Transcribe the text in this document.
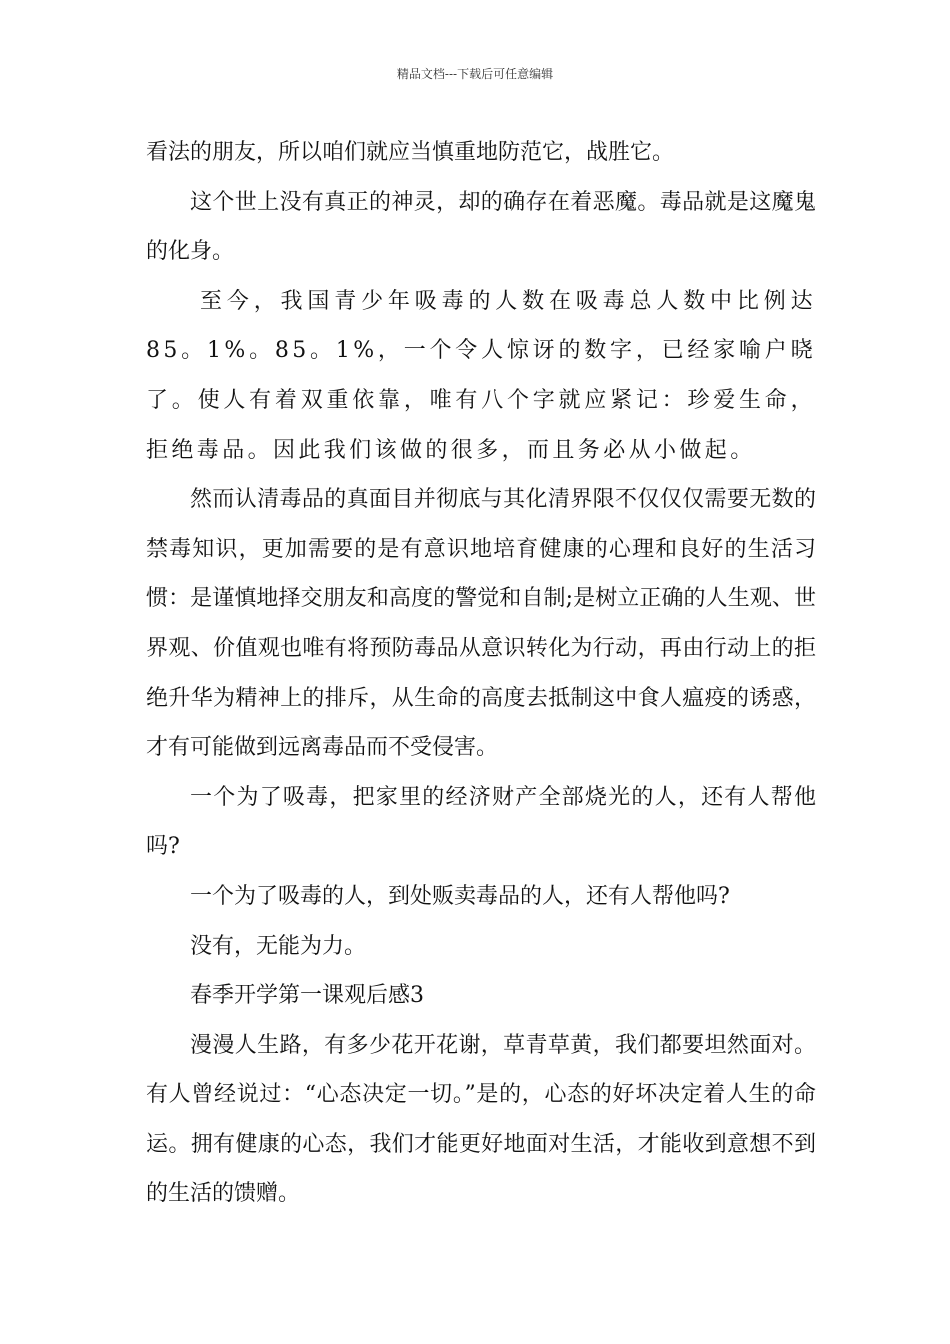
精品文档---下载后可任意编辑

看法的朋友，所以咱们就应当慎重地防范它，战胜它。

这个世上没有真正的神灵，却的确存在着恶魔。毒品就是这魔鬼的化身。

至今，我国青少年吸毒的人数在吸毒总人数中比例达85。1%。85。1%，一个令人惊讶的数字，已经家喻户晓了。使人有着双重依靠，唯有八个字就应紧记：珍爱生命，拒绝毒品。因此我们该做的很多，而且务必从小做起。

然而认清毒品的真面目并彻底与其化清界限不仅仅仅需要无数的禁毒知识，更加需要的是有意识地培育健康的心理和良好的生活习惯：是谨慎地择交朋友和高度的警觉和自制;是树立正确的人生观、世界观、价值观也唯有将预防毒品从意识转化为行动，再由行动上的拒绝升华为精神上的排斥，从生命的高度去抵制这中食人瘟疫的诱惑，才有可能做到远离毒品而不受侵害。

一个为了吸毒，把家里的经济财产全部烧光的人，还有人帮他吗?

一个为了吸毒的人，到处贩卖毒品的人，还有人帮他吗?

没有，无能为力。

春季开学第一课观后感3

漫漫人生路，有多少花开花谢，草青草黄，我们都要坦然面对。有人曾经说过：“心态决定一切。”是的，心态的好坏决定着人生的命运。拥有健康的心态，我们才能更好地面对生活，才能收到意想不到的生活的馈赠。
